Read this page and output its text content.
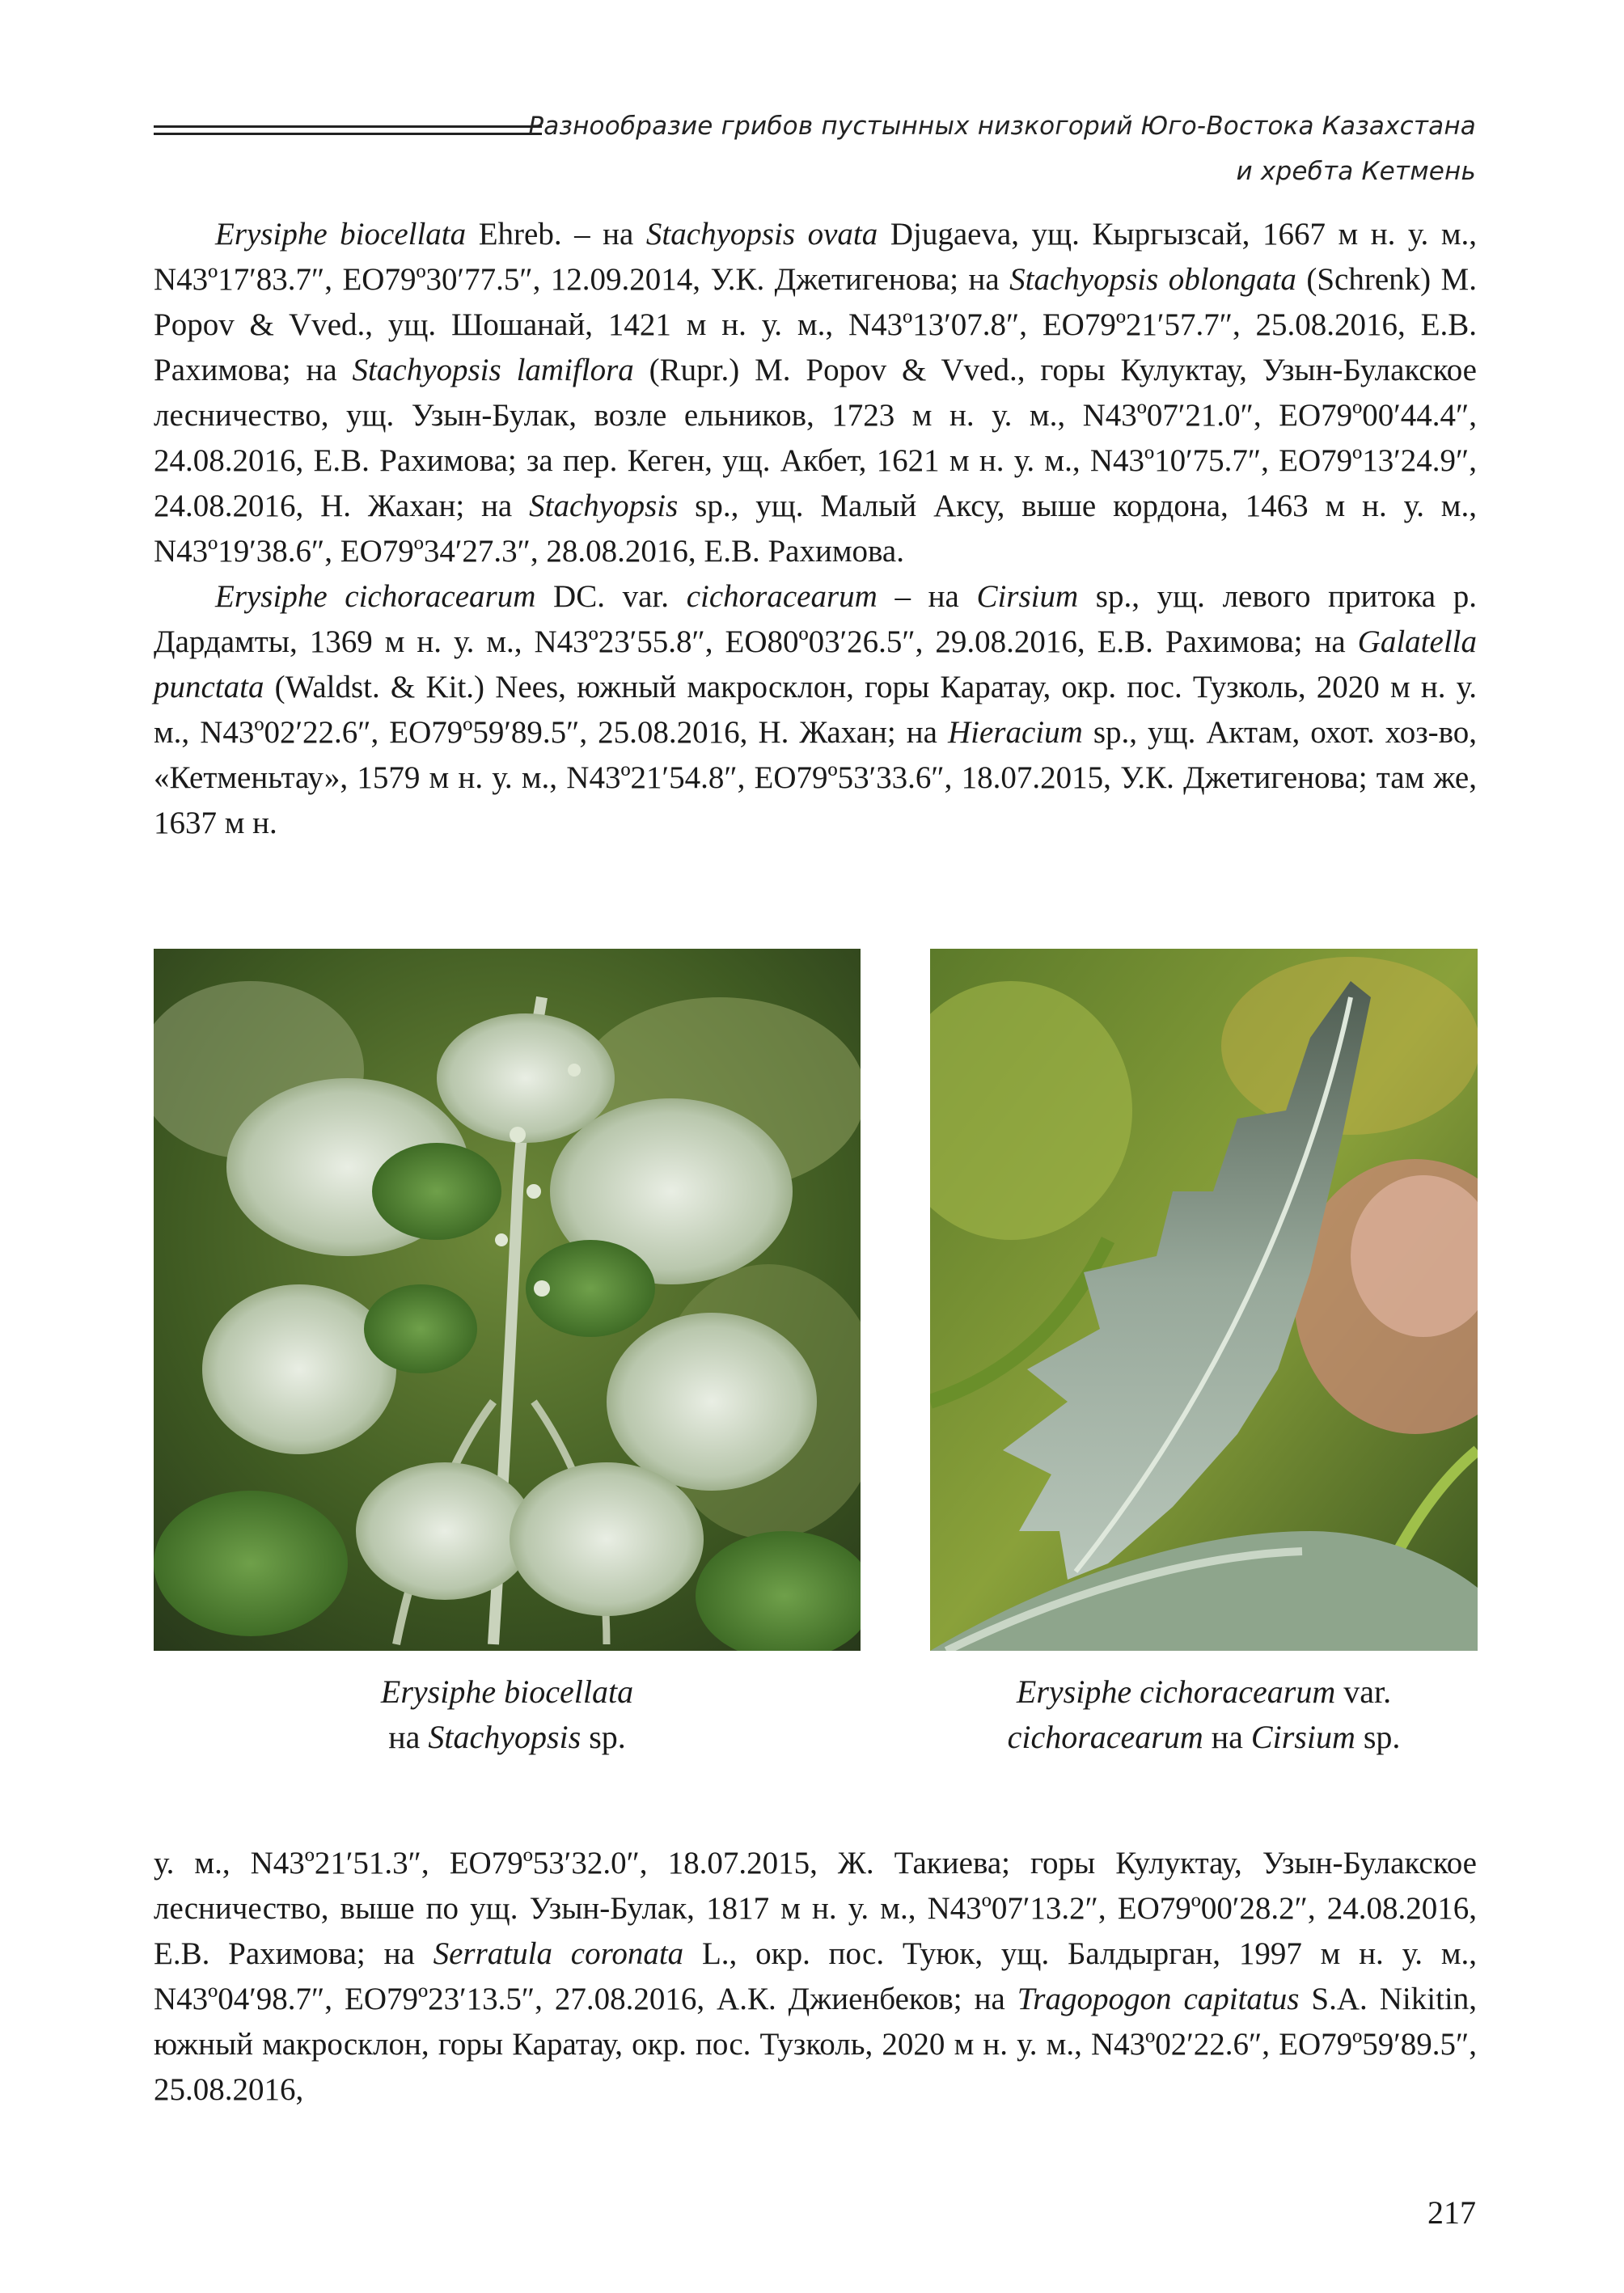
Разнообразие грибов пустынных низкогорий Юго-Востока Казахстана
и хребта Кетмень

Erysiphe biocellata Ehreb. – на Stachyopsis ovata Djugaeva, ущ. Кыргызсай, 1667 м н. у. м., N43º17′83.7″, EO79º30′77.5″, 12.09.2014, У.К. Джетигенова; на Stachyopsis oblongata (Schrenk) M. Popov & Vved., ущ. Шошанай, 1421 м н. у. м., N43º13′07.8″, EO79º21′57.7″, 25.08.2016, Е.В. Рахимова; на Stachyopsis lamiflora (Rupr.) M. Popov & Vved., горы Кулуктау, Узын-Булакское лесничество, ущ. Узын-Булак, возле ельников, 1723 м н. у. м., N43º07′21.0″, EO79º00′44.4″, 24.08.2016, Е.В. Рахимова; за пер. Кеген, ущ. Акбет, 1621 м н. у. м., N43º10′75.7″, EO79º13′24.9″, 24.08.2016, Н. Жахан; на Stachyopsis sp., ущ. Малый Аксу, выше кордона, 1463 м н. у. м., N43º19′38.6″, EO79º34′27.3″, 28.08.2016, Е.В. Рахимова.

Erysiphe cichoracearum DC. var. cichoracearum – на Cirsium sp., ущ. левого притока р. Дардамты, 1369 м н. у. м., N43º23′55.8″, EO80º03′26.5″, 29.08.2016, Е.В. Рахимова; на Galatella punctata (Waldst. & Kit.) Nees, южный макросклон, горы Каратау, окр. пос. Тузколь, 2020 м н. у. м., N43º02′22.6″, EO79º59′89.5″, 25.08.2016, Н. Жахан; на Hieracium sp., ущ. Актам, охот. хоз-во, «Кетменьтау», 1579 м н. у. м., N43º21′54.8″, EO79º53′33.6″, 18.07.2015, У.К. Джетигенова; там же, 1637 м н.

Erysiphe biocellata
на Stachyopsis sp.
Erysiphe cichoracearum var.
cichoracearum на Cirsium sp.

у. м., N43º21′51.3″, EO79º53′32.0″, 18.07.2015, Ж. Такиева; горы Кулуктау, Узын-Булакское лесничество, выше по ущ. Узын-Булак, 1817 м н. у. м., N43º07′13.2″, EO79º00′28.2″, 24.08.2016, Е.В. Рахимова; на Serratula coronata L., окр. пос. Туюк, ущ. Балдырган, 1997 м н. у. м., N43º04′98.7″, EO79º23′13.5″, 27.08.2016, А.К. Джиенбеков; на Tragopogon capitatus S.A. Nikitin, южный макросклон, горы Каратау, окр. пос. Тузколь, 2020 м н. у. м., N43º02′22.6″, EO79º59′89.5″, 25.08.2016,

217
